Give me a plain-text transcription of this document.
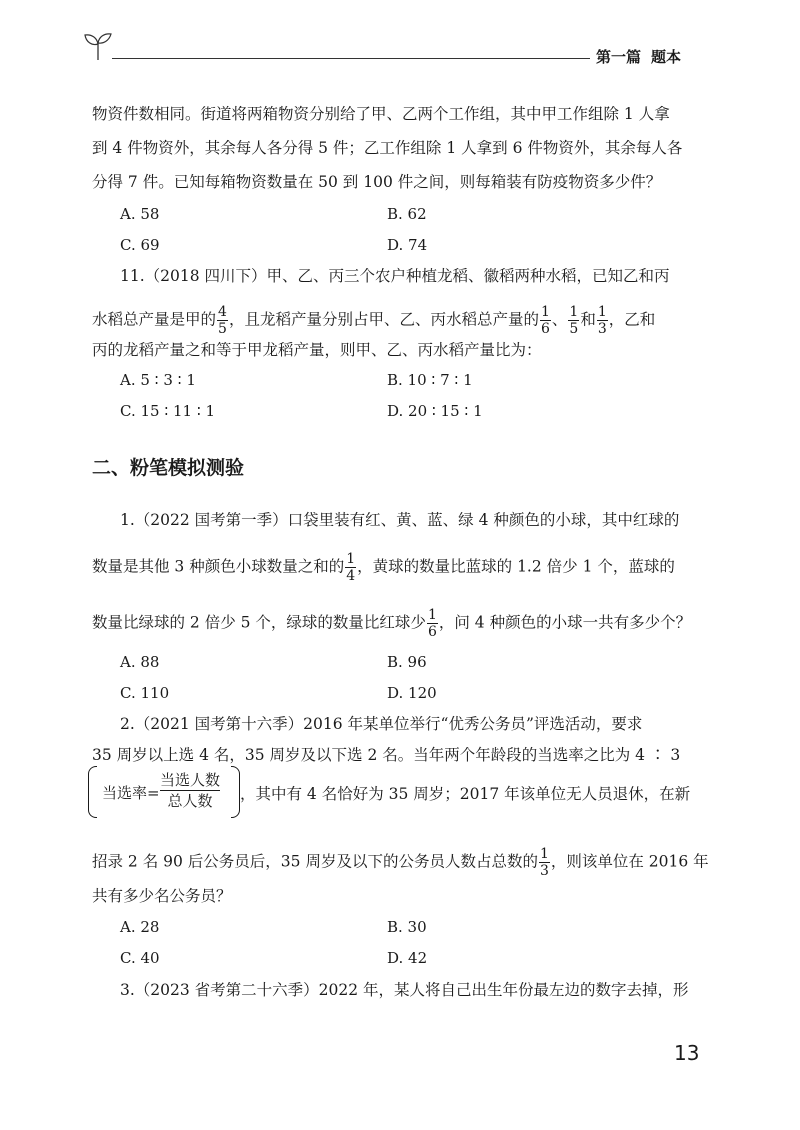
第一篇 题本
物资件数相同。街道将两箱物资分别给了甲、乙两个工作组，其中甲工作组除 1 人拿
到 4 件物资外，其余每人各分得 5 件；乙工作组除 1 人拿到 6 件物资外，其余每人各
分得 7 件。已知每箱物资数量在 50 到 100 件之间，则每箱装有防疫物资多少件？
A. 58	B. 62
C. 69	D. 74
11.（2018 四川下）甲、乙、丙三个农户种植龙稻、徽稻两种水稻，已知乙和丙
水稻总产量是甲的 $\frac{4}{5}$ ，且龙稻产量分别占甲、乙、丙水稻总产量的 $\frac{1}{6}$ 、 $\frac{1}{5}$ 和 $\frac{1}{3}$ ，乙和
丙的龙稻产量之和等于甲龙稻产量，则甲、乙、丙水稻产量比为：
A. 5 ∶ 3 ∶ 1	B. 10 ∶ 7 ∶ 1
C. 15 ∶ 11 ∶ 1	D. 20 ∶ 15 ∶ 1
二、粉笔模拟测验
1.（2022 国考第一季）口袋里装有红、黄、蓝、绿 4 种颜色的小球，其中红球的
数量是其他 3 种颜色小球数量之和的 $\frac{1}{4}$ ，黄球的数量比蓝球的 1.2 倍少 1 个，蓝球的
数量比绿球的 2 倍少 5 个，绿球的数量比红球少 $\frac{1}{6}$ ，问 4 种颜色的小球一共有多少个？
A. 88	B. 96
C. 110	D. 120
2.（2021 国考第十六季）2016 年某单位举行“优秀公务员”评选活动，要求
35 周岁以上选 4 名，35 周岁及以下选 2 名。当年两个年龄段的当选率之比为 4 ∶ 3
当选率=
当选人数
总人数	，其中有 4 名恰好为 35 周岁；2017 年该单位无人员退休，在新
招录 2 名 90 后公务员后，35 周岁及以下的公务员人数占总数的 $\frac{1}{3}$ ，则该单位在 2016 年
共有多少名公务员？
A. 28	B. 30
C. 40	D. 42
3.（2023 省考第二十六季）2022 年，某人将自己出生年份最左边的数字去掉，形
13
